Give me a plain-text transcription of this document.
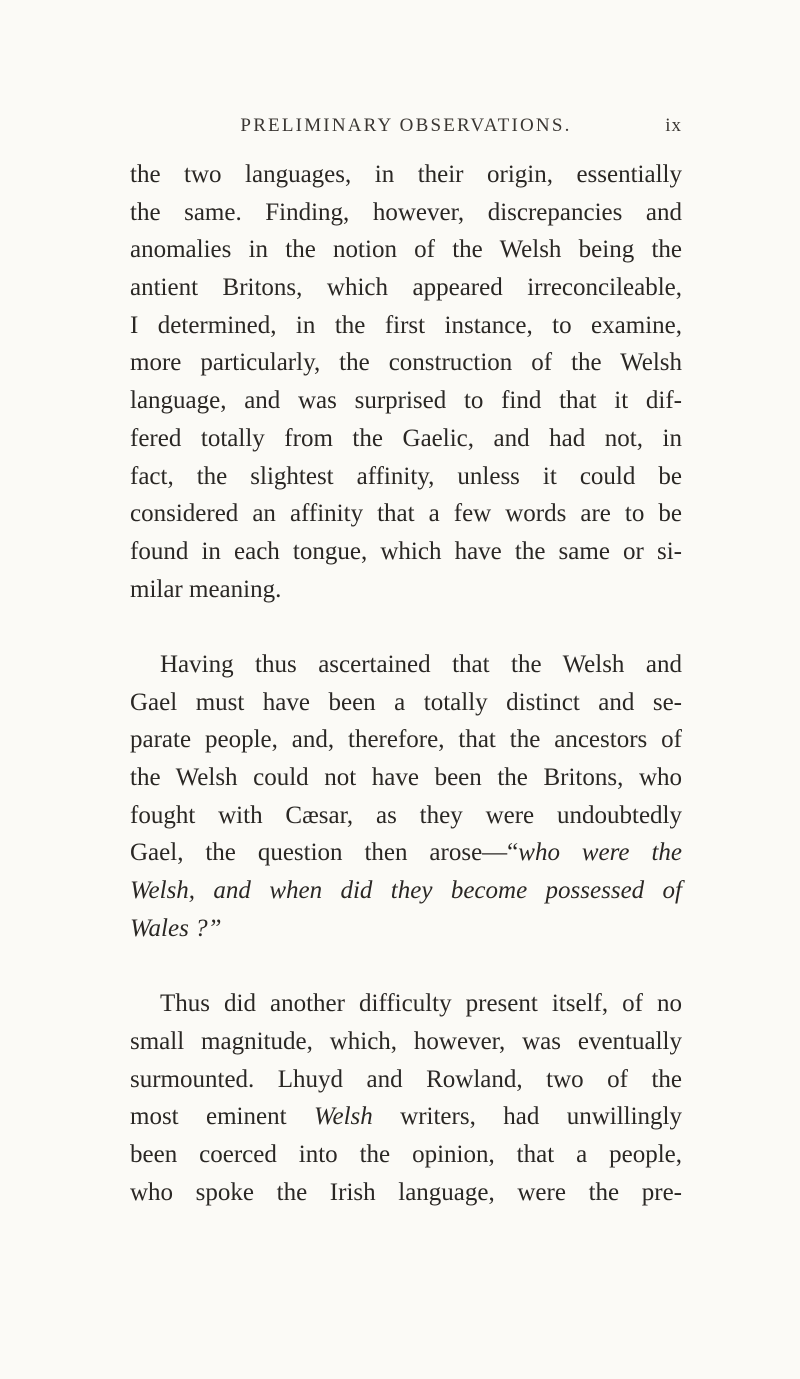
PRELIMINARY OBSERVATIONS.	ix
the two languages, in their origin, essentially
the same. Finding, however, discrepancies and
anomalies in the notion of the Welsh being the
antient Britons, which appeared irreconcileable,
I determined, in the first instance, to examine,
more particularly, the construction of the Welsh
language, and was surprised to find that it dif-
fered totally from the Gaelic, and had not, in
fact, the slightest affinity, unless it could be
considered an affinity that a few words are to be
found in each tongue, which have the same or si-
milar meaning.
Having thus ascertained that the Welsh and
Gael must have been a totally distinct and se-
parate people, and, therefore, that the ancestors of
the Welsh could not have been the Britons, who
fought with Cæsar, as they were undoubtedly
Gael, the question then arose—“who were the
Welsh, and when did they become possessed of
Wales ?”
Thus did another difficulty present itself, of no
small magnitude, which, however, was eventually
surmounted. Lhuyd and Rowland, two of the
most eminent Welsh writers, had unwillingly
been coerced into the opinion, that a people,
who spoke the Irish language, were the pre-
